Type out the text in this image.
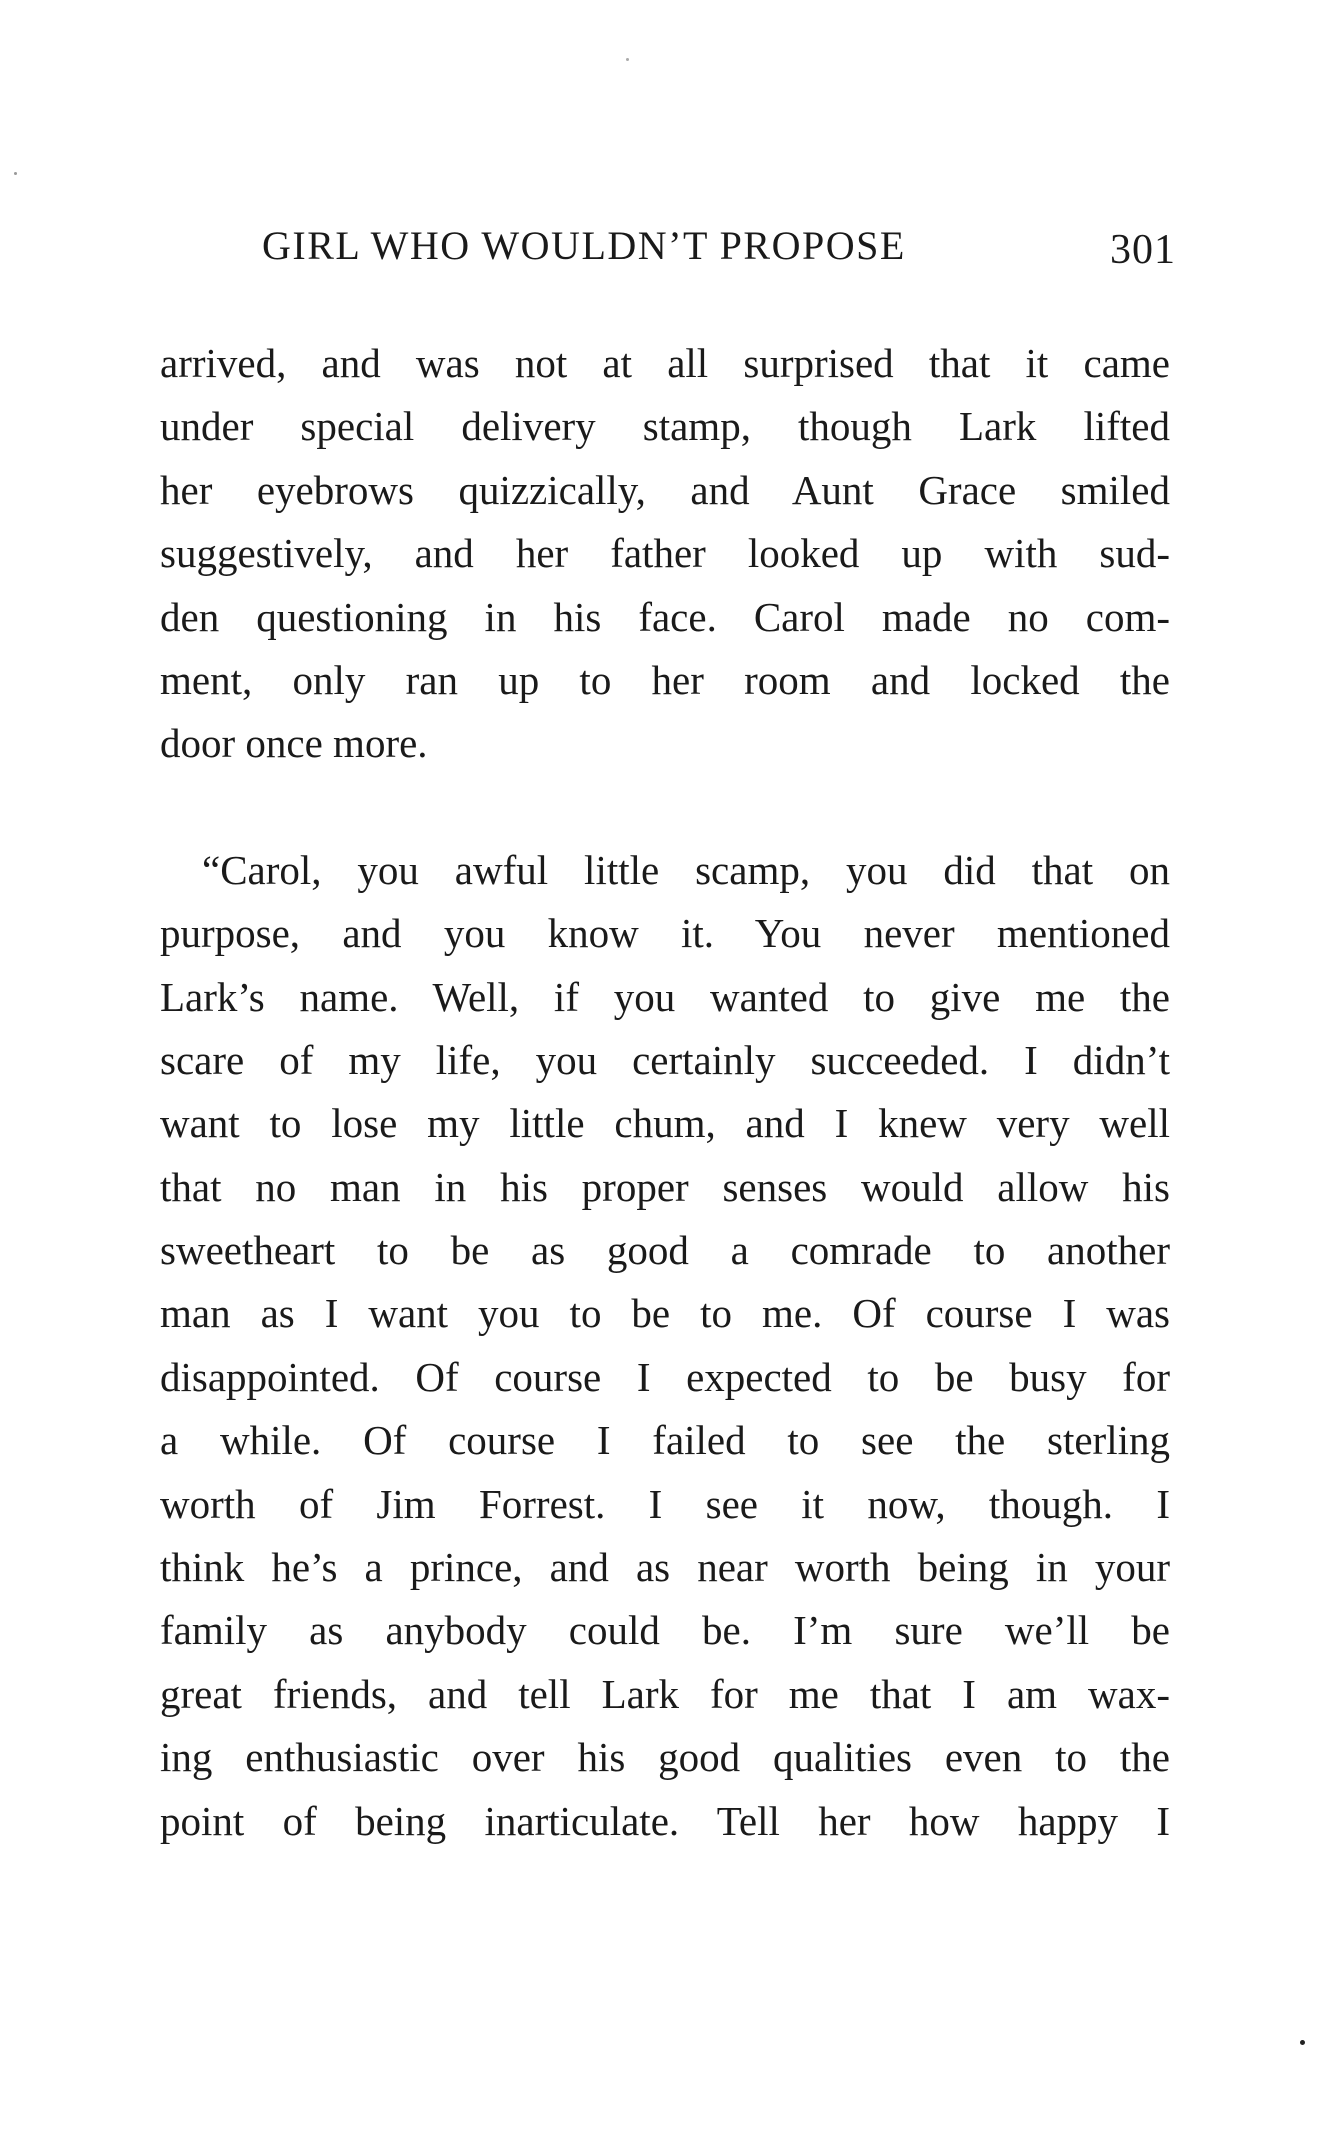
GIRL WHO WOULDN’T PROPOSE	301
arrived, and was not at all surprised that it came
under special delivery stamp, though Lark lifted
her eyebrows quizzically, and Aunt Grace smiled
suggestively, and her father looked up with sud-
den questioning in his face. Carol made no com-
ment, only ran up to her room and locked the
door once more.
“Carol, you awful little scamp, you did that on
purpose, and you know it. You never mentioned
Lark’s name. Well, if you wanted to give me the
scare of my life, you certainly succeeded. I didn’t
want to lose my little chum, and I knew very well
that no man in his proper senses would allow his
sweetheart to be as good a comrade to another
man as I want you to be to me. Of course I was
disappointed. Of course I expected to be busy for
a while. Of course I failed to see the sterling
worth of Jim Forrest. I see it now, though. I
think he’s a prince, and as near worth being in your
family as anybody could be. I’m sure we’ll be
great friends, and tell Lark for me that I am wax-
ing enthusiastic over his good qualities even to the
point of being inarticulate. Tell her how happy I
